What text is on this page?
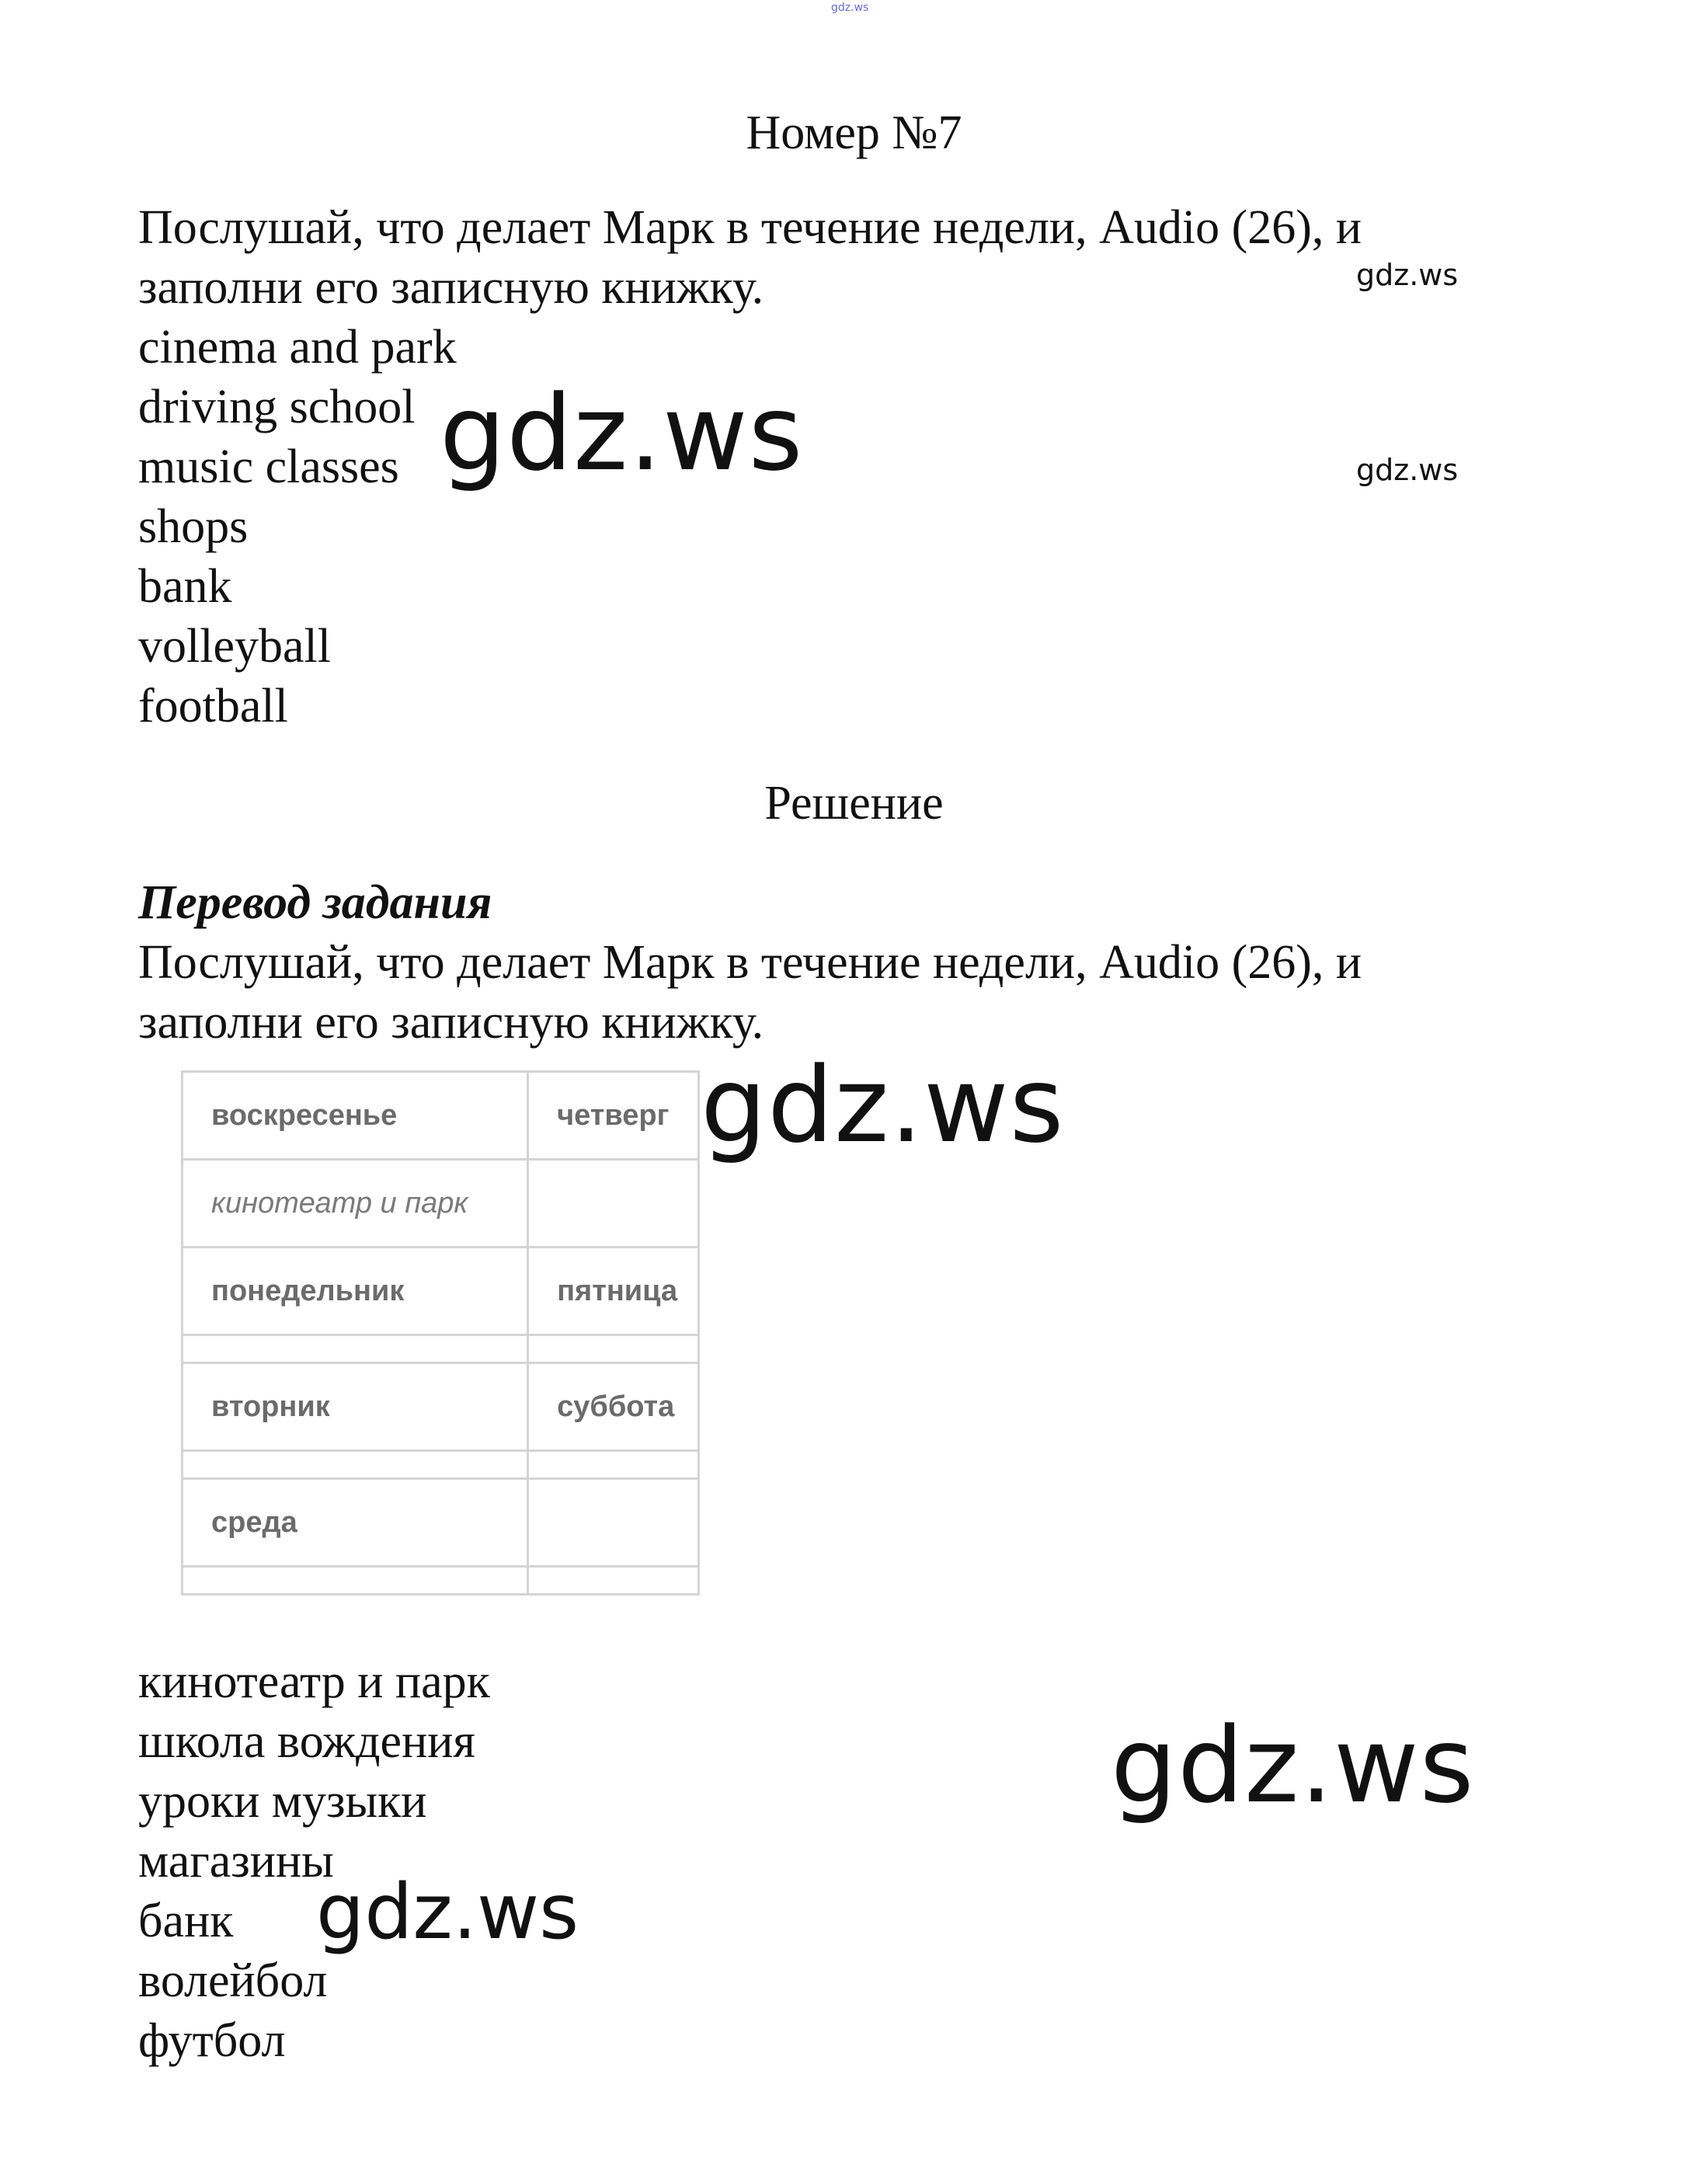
gdz.ws
Номер №7
Послушай, что делает Марк в течение недели, Audio (26), и
заполни его записную книжку.
cinema and park
driving school
music classes
shops
bank
volleyball
football
Решение
Перевод задания
Послушай, что делает Марк в течение недели, Audio (26), и
заполни его записную книжку.
воскресенье	четверг
кинотеатр и парк	
понедельник	пятница

вторник	суббота

среда	

кинотеатр и парк
школа вождения
уроки музыки
магазины
банк
волейбол
футбол
gdz.ws
gdz.ws
gdz.ws
gdz.ws
gdz.ws
gdz.ws
